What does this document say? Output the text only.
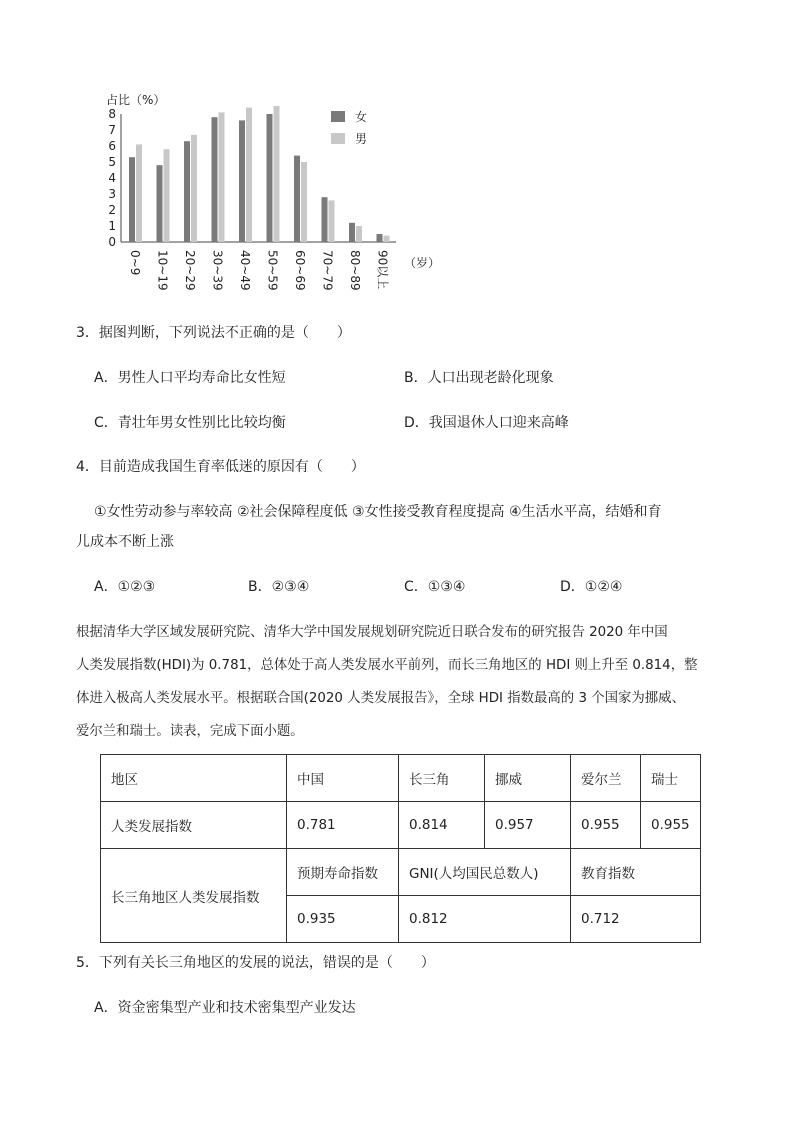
占比（%）
0
1
2
3
4
5
6
7
8
0~9 10~19 20~29 30~39 40~49 50~59 60~69 70~79 80~89 90以上 （岁）
女
男
3．据图判断，下列说法不正确的是（　　）
A．男性人口平均寿命比女性短	B．人口出现老龄化现象
C．青壮年男女性别比比较均衡	D．我国退休人口迎来高峰
4．目前造成我国生育率低迷的原因有（　　）
①女性劳动参与率较高 ②社会保障程度低 ③女性接受教育程度提高 ④生活水平高，结婚和育
儿成本不断上涨
A．①②③	B．②③④	C．①③④	D．①②④
根据清华大学区域发展研究院、清华大学中国发展规划研究院近日联合发布的研究报告 2020 年中国
人类发展指数(HDI)为 0.781，总体处于高人类发展水平前列，而长三角地区的 HDI 则上升至 0.814，整
体进入极高人类发展水平。根据联合国(2020 人类发展报告》，全球 HDI 指数最高的 3 个国家为挪威、
爱尔兰和瑞士。读表，完成下面小题。
地区	中国	长三角	挪威	爱尔兰	瑞士
人类发展指数	0.781	0.814	0.957	0.955	0.955
长三角地区人类发展指数	预期寿命指数	GNI(人均国民总数人)		教育指数	
	0.935	0.812		0.712	
5．下列有关长三角地区的发展的说法，错误的是（　　）
A．资金密集型产业和技术密集型产业发达
